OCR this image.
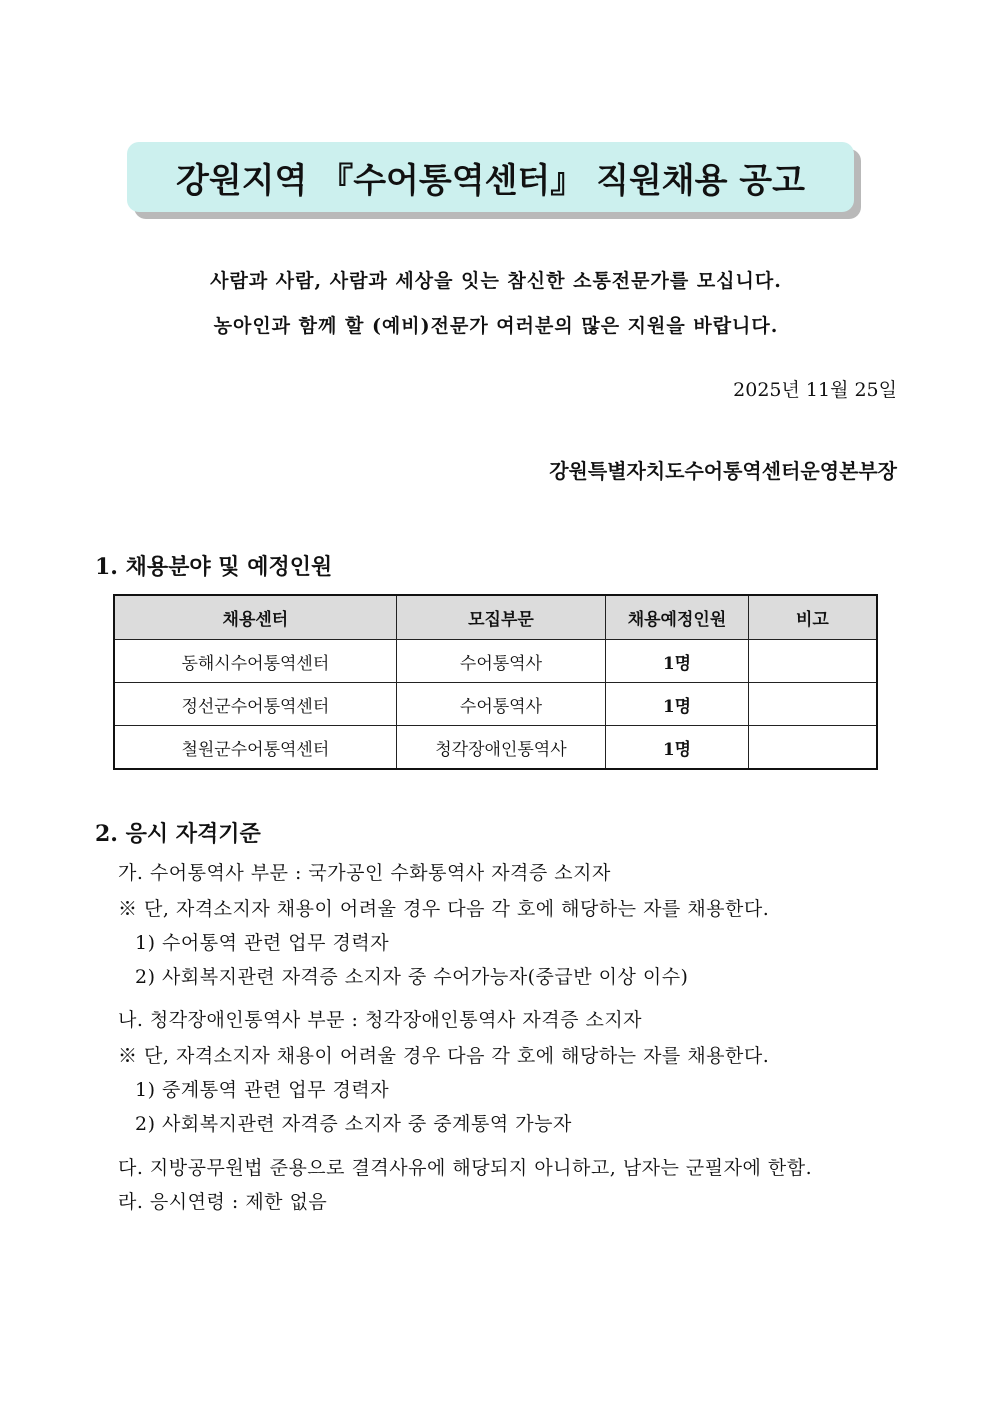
강원지역 『수어통역센터』 직원채용 공고
사람과 사람, 사람과 세상을 잇는 참신한 소통전문가를 모십니다.
농아인과 함께 할 (예비)전문가 여러분의 많은 지원을 바랍니다.
2025년 11월 25일
강원특별자치도수어통역센터운영본부장
1. 채용분야 및 예정인원
채용센터	모집부문	채용예정인원	비고
동해시수어통역센터	수어통역사	1명	
정선군수어통역센터	수어통역사	1명	
철원군수어통역센터	청각장애인통역사	1명	
2. 응시 자격기준
가. 수어통역사 부문 : 국가공인 수화통역사 자격증 소지자
※ 단, 자격소지자 채용이 어려울 경우 다음 각 호에 해당하는 자를 채용한다.
1) 수어통역 관련 업무 경력자
2) 사회복지관련 자격증 소지자 중 수어가능자(중급반 이상 이수)
나. 청각장애인통역사 부문 : 청각장애인통역사 자격증 소지자
※ 단, 자격소지자 채용이 어려울 경우 다음 각 호에 해당하는 자를 채용한다.
1) 중계통역 관련 업무 경력자
2) 사회복지관련 자격증 소지자 중 중계통역 가능자
다. 지방공무원법 준용으로 결격사유에 해당되지 아니하고, 남자는 군필자에 한함.
라. 응시연령 : 제한 없음
